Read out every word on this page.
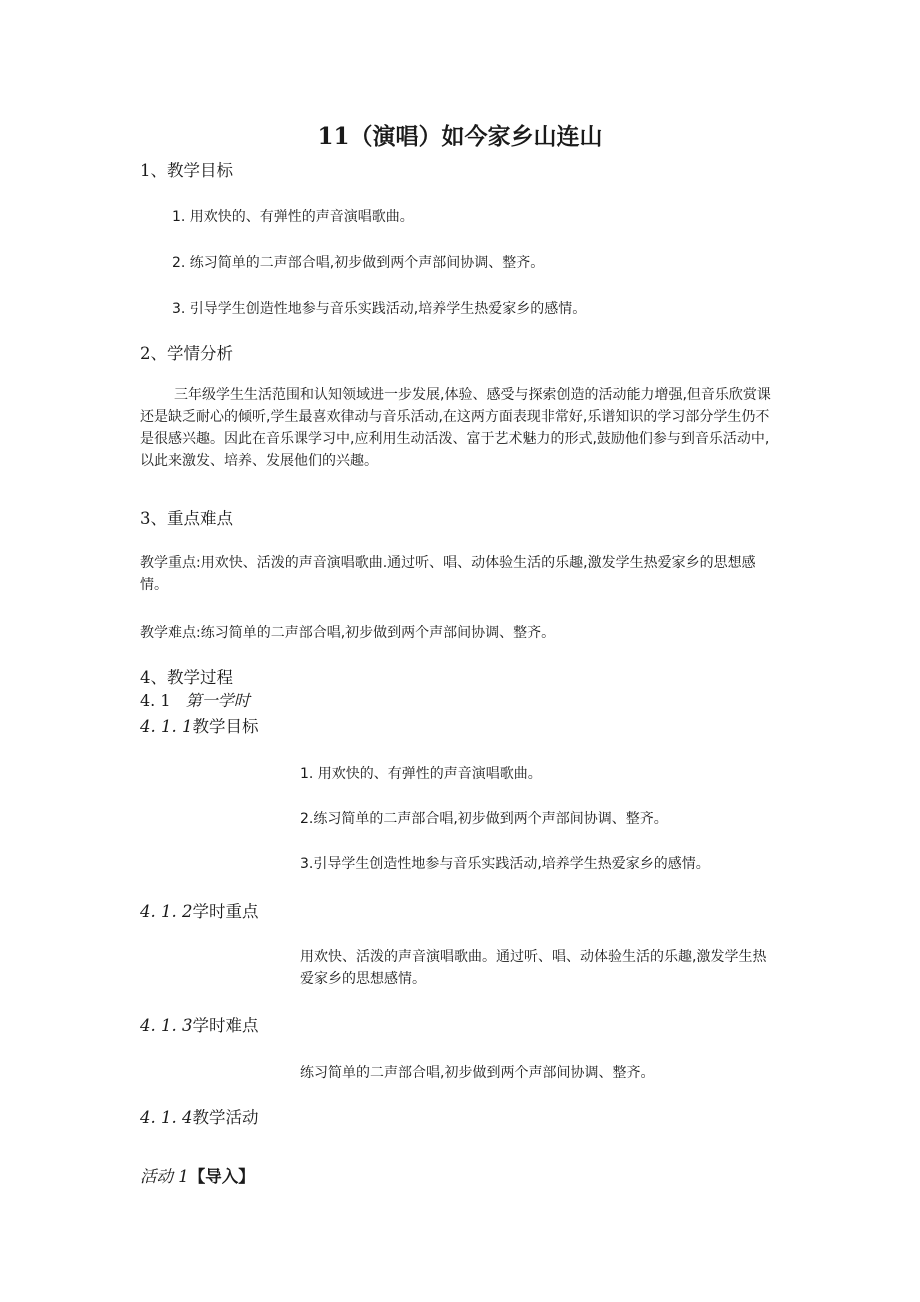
11（演唱）如今家乡山连山
1、教学目标
1. 用欢快的、有弹性的声音演唱歌曲。
2. 练习简单的二声部合唱,初步做到两个声部间协调、整齐。
3. 引导学生创造性地参与音乐实践活动,培养学生热爱家乡的感情。
2、学情分析

三年级学生生活范围和认知领域进一步发展,体验、感受与探索创造的活动能力增强,但音乐欣赏课还是缺乏耐心的倾听,学生最喜欢律动与音乐活动,在这两方面表现非常好,乐谱知识的学习部分学生仍不是很感兴趣。因此在音乐课学习中,应利用生动活泼、富于艺术魅力的形式,鼓励他们参与到音乐活动中,以此来激发、培养、发展他们的兴趣。

3、重点难点

教学重点:用欢快、活泼的声音演唱歌曲.通过听、唱、动体验生活的乐趣,激发学生热爱家乡的思想感情。

教学难点:练习简单的二声部合唱,初步做到两个声部间协调、整齐。
4、教学过程
4. 1 第一学时
4. 1. 1教学目标
1. 用欢快的、有弹性的声音演唱歌曲。
2.练习简单的二声部合唱,初步做到两个声部间协调、整齐。
3.引导学生创造性地参与音乐实践活动,培养学生热爱家乡的感情。
4. 1. 2学时重点

用欢快、活泼的声音演唱歌曲。通过听、唱、动体验生活的乐趣,激发学生热爱家乡的思想感情。

4. 1. 3学时难点
练习简单的二声部合唱,初步做到两个声部间协调、整齐。
4. 1. 4教学活动
活动 1【导入】
